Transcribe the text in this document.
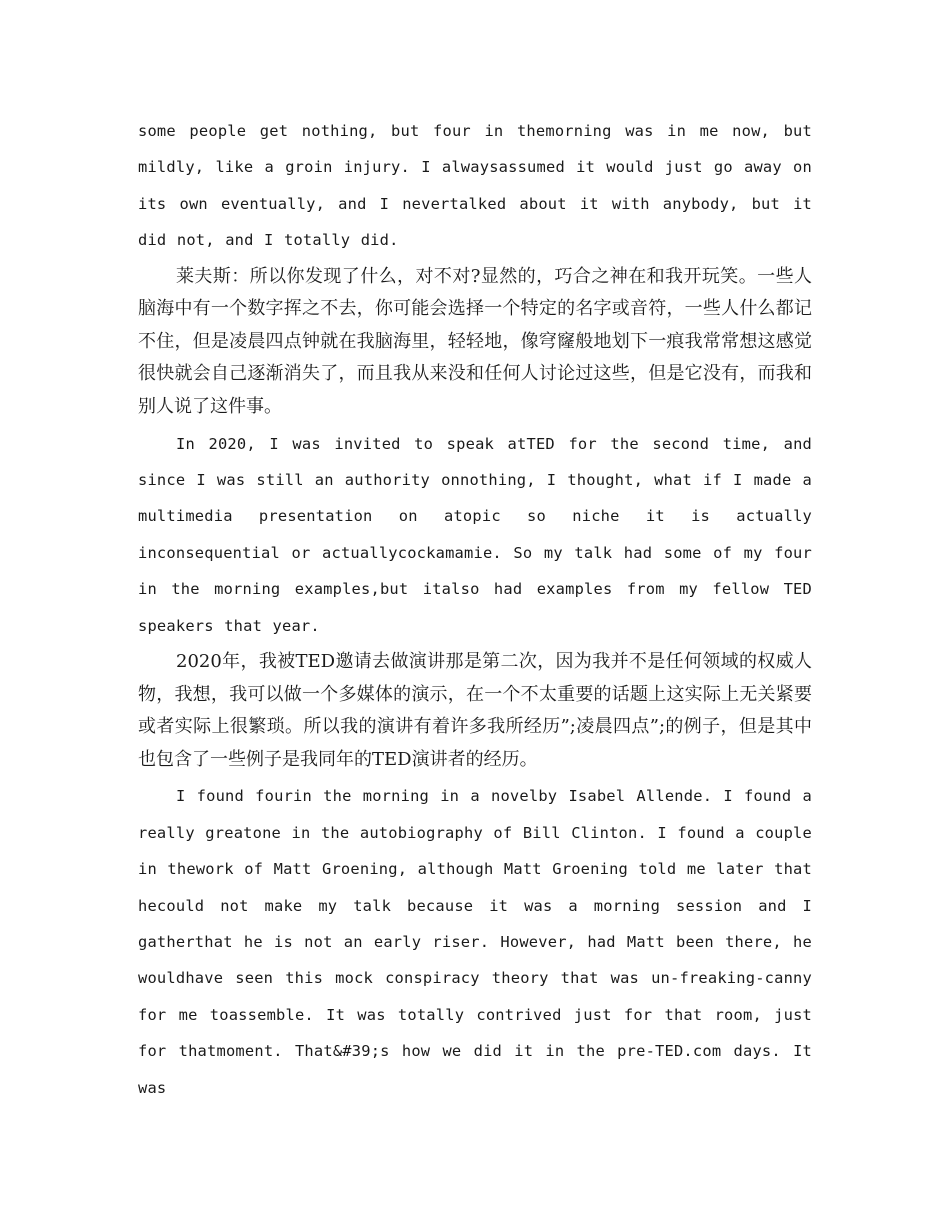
some people get nothing, but four in themorning was in me now, but mildly, like a groin injury. I alwaysassumed it would just go away on its own eventually, and I nevertalked about it with anybody, but it did not, and I totally did.

莱夫斯：所以你发现了什么，对不对?显然的，巧合之神在和我开玩笑。一些人脑海中有一个数字挥之不去，你可能会选择一个特定的名字或音符，一些人什么都记不住，但是凌晨四点钟就在我脑海里，轻轻地，像穹窿般地划下一痕我常常想这感觉很快就会自己逐渐消失了，而且我从来没和任何人讨论过这些，但是它没有，而我和别人说了这件事。

In 2020, I was invited to speak atTED for the second time, and since I was still an authority onnothing, I thought, what if I made a multimedia presentation on atopic so niche it is actually inconsequential or actuallycockamamie. So my talk had some of my four in the morning examples,but italso had examples from my fellow TED speakers that year.

2020年，我被TED邀请去做演讲那是第二次，因为我并不是任何领域的权威人物，我想，我可以做一个多媒体的演示，在一个不太重要的话题上这实际上无关紧要或者实际上很繁琐。所以我的演讲有着许多我所经历”;凌晨四点”;的例子，但是其中也包含了一些例子是我同年的TED演讲者的经历。

I found fourin the morning in a novelby Isabel Allende. I found a really greatone in the autobiography of Bill Clinton. I found a couple in thework of Matt Groening, although Matt Groening told me later that hecould not make my talk because it was a morning session and I gatherthat he is not an early riser. However, had Matt been there, he wouldhave seen this mock conspiracy theory that was un-freaking-canny for me toassemble. It was totally contrived just for that room, just for thatmoment. That&#39;s how we did it in the pre-TED.com days. It was
